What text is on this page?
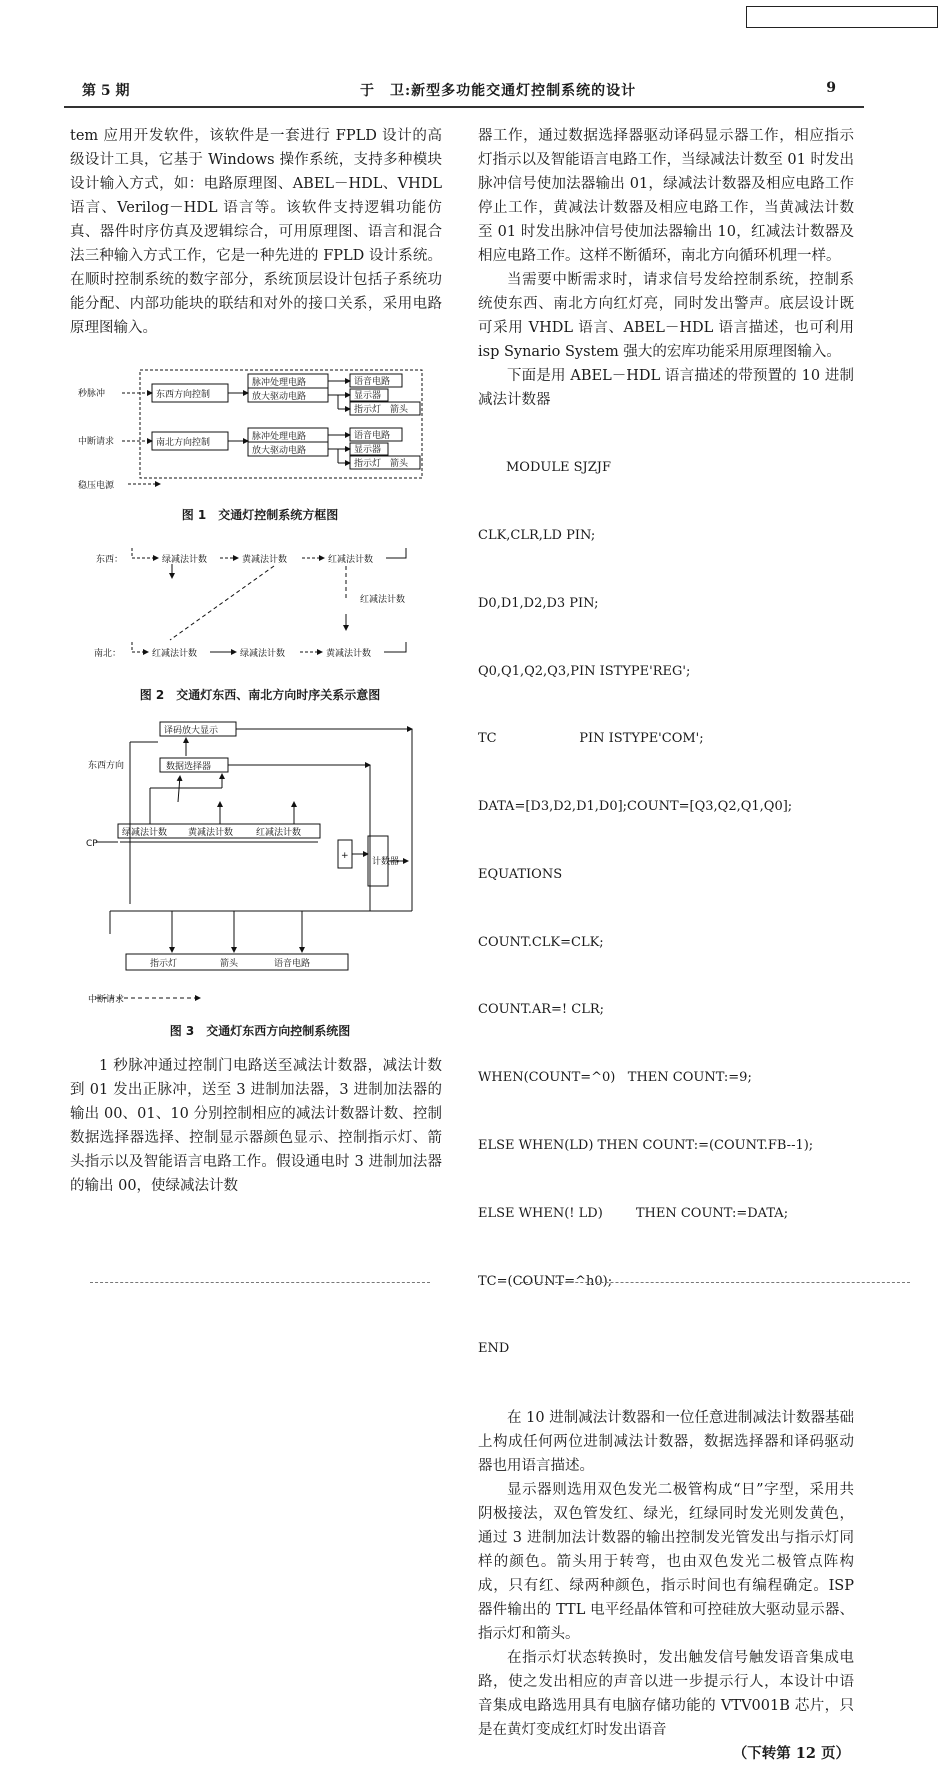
第 5 期	于　卫:新型多功能交通灯控制系统的设计	9

tem 应用开发软件，该软件是一套进行 FPLD 设计的高级设计工具，它基于 Windows 操作系统，支持多种模块设计输入方式，如：电路原理图、ABEL－HDL、VHDL 语言、Verilog－HDL 语言等。该软件支持逻辑功能仿真、器件时序仿真及逻辑综合，可用原理图、语言和混合法三种输入方式工作，它是一种先进的 FPLD 设计系统。在顺时控制系统的数字部分，系统顶层设计包括子系统功能分配、内部功能块的联结和对外的接口关系，采用电路原理图输入。

秒脉冲	东西方向控制
脉冲处理电路
放大驱动电路
语音电路
显示器
指示灯　箭头
中断请求	南北方向控制
脉冲处理电路
放大驱动电路
语音电路
显示器
指示灯　箭头
稳压电源
图 1　交通灯控制系统方框图
东西：	绿减法计数	黄减法计数	红减法计数
红减法计数
南北：	红减法计数	绿减法计数	黄减法计数
图 2　交通灯东西、南北方向时序关系示意图
译码放大显示
东西方向	数据选择器
绿减法计数 黄减法计数	红减法计数
CP
+
计数器
指示灯	箭头	语音电路
中断请求
图 3　交通灯东西方向控制系统图

1 秒脉冲通过控制门电路送至减法计数器，减法计数到 01 发出正脉冲，送至 3 进制加法器，3 进制加法器的输出 00、01、10 分别控制相应的减法计数器计数、控制数据选择器选择、控制显示器颜色显示、控制指示灯、箭头指示以及智能语言电路工作。假设通电时 3 进制加法器的输出 00，使绿减法计数

器工作，通过数据选择器驱动译码显示器工作，相应指示灯指示以及智能语言电路工作，当绿减法计数至 01 时发出脉冲信号使加法器输出 01，绿减法计数器及相应电路工作停止工作，黄减法计数器及相应电路工作，当黄减法计数至 01 时发出脉冲信号使加法器输出 10，红减法计数器及相应电路工作。这样不断循环，南北方向循环机理一样。

当需要中断需求时，请求信号发给控制系统，控制系统使东西、南北方向红灯亮，同时发出警声。底层设计既可采用 VHDL 语言、ABEL－HDL 语言描述，也可利用 isp Synario System 强大的宏库功能采用原理图输入。

下面是用 ABEL－HDL 语言描述的带预置的 10 进制减法计数器

MODULE SJZJF

CLK,CLR,LD PIN;

D0,D1,D2,D3 PIN;

Q0,Q1,Q2,Q3,PIN ISTYPE'REG';

TC                    PIN ISTYPE'COM';

DATA=[D3,D2,D1,D0];COUNT=[Q3,Q2,Q1,Q0];

EQUATIONS

COUNT.CLK=CLK;

COUNT.AR=! CLR;

WHEN(COUNT=^0)   THEN COUNT:=9;

ELSE WHEN(LD) THEN COUNT:=(COUNT.FB--1);

ELSE WHEN(! LD)        THEN COUNT:=DATA;

TC=(COUNT=^h0);

END

在 10 进制减法计数器和一位任意进制减法计数器基础上构成任何两位进制减法计数器，数据选择器和译码驱动器也用语言描述。

显示器则选用双色发光二极管构成“日”字型，采用共阴极接法，双色管发红、绿光，红绿同时发光则发黄色，通过 3 进制加法计数器的输出控制发光管发出与指示灯同样的颜色。箭头用于转弯，也由双色发光二极管点阵构成，只有红、绿两种颜色，指示时间也有编程确定。ISP 器件输出的 TTL 电平经晶体管和可控硅放大驱动显示器、指示灯和箭头。

在指示灯状态转换时，发出触发信号触发语音集成电路，使之发出相应的声音以进一步提示行人，本设计中语音集成电路选用具有电脑存储功能的 VTV001B 芯片，只是在黄灯变成红灯时发出语音

（下转第 12 页）
